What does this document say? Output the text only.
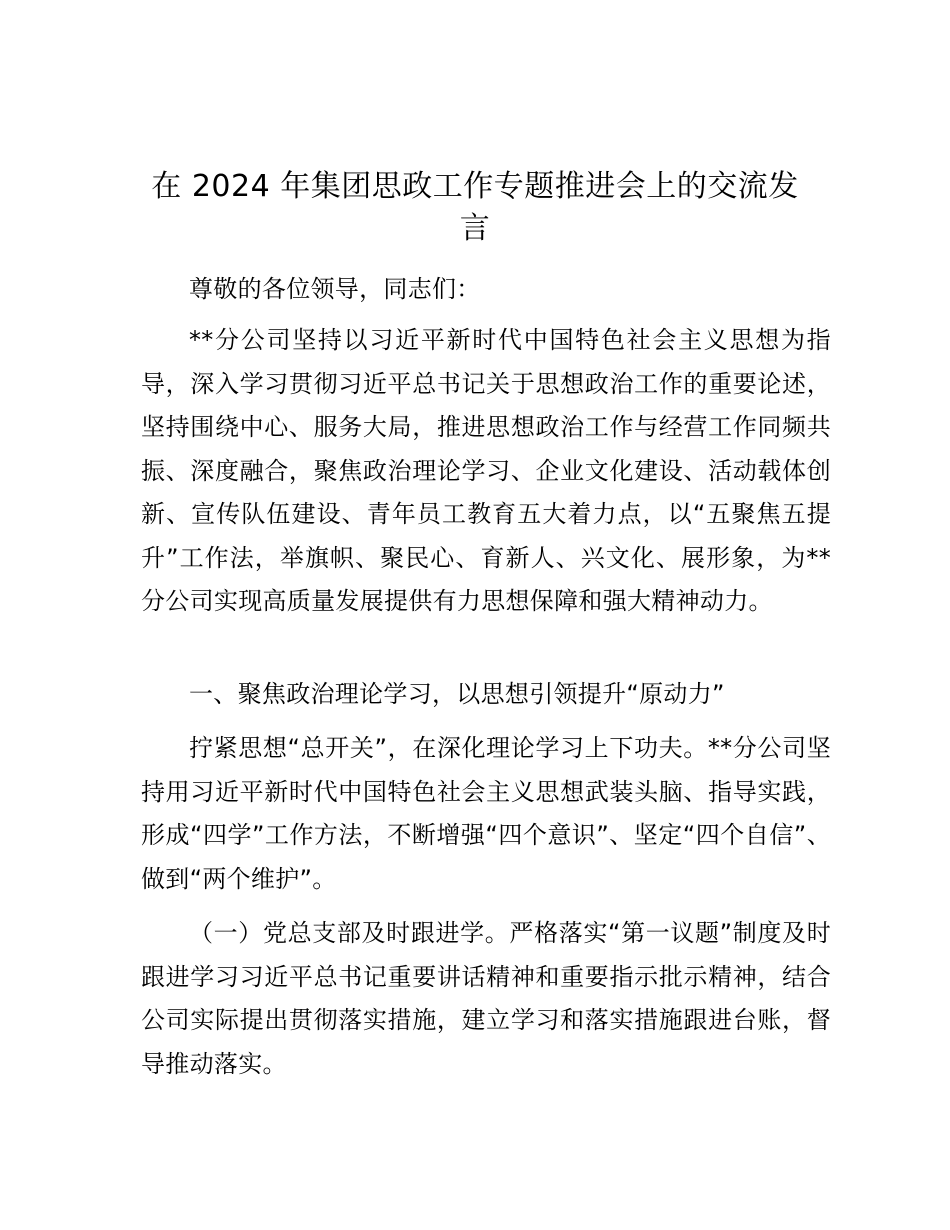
在 2024 年集团思政工作专题推进会上的交流发言

尊敬的各位领导，同志们：

**分公司坚持以习近平新时代中国特色社会主义思想为指导，深入学习贯彻习近平总书记关于思想政治工作的重要论述，坚持围绕中心、服务大局，推进思想政治工作与经营工作同频共振、深度融合，聚焦政治理论学习、企业文化建设、活动载体创新、宣传队伍建设、青年员工教育五大着力点，以“五聚焦五提升”工作法，举旗帜、聚民心、育新人、兴文化、展形象，为**分公司实现高质量发展提供有力思想保障和强大精神动力。

一、聚焦政治理论学习，以思想引领提升“原动力”

拧紧思想“总开关”，在深化理论学习上下功夫。**分公司坚持用习近平新时代中国特色社会主义思想武装头脑、指导实践，形成“四学”工作方法，不断增强“四个意识”、坚定“四个自信”、做到“两个维护”。

（一）党总支部及时跟进学。严格落实“第一议题”制度及时跟进学习习近平总书记重要讲话精神和重要指示批示精神，结合公司实际提出贯彻落实措施，建立学习和落实措施跟进台账，督导推动落实。
